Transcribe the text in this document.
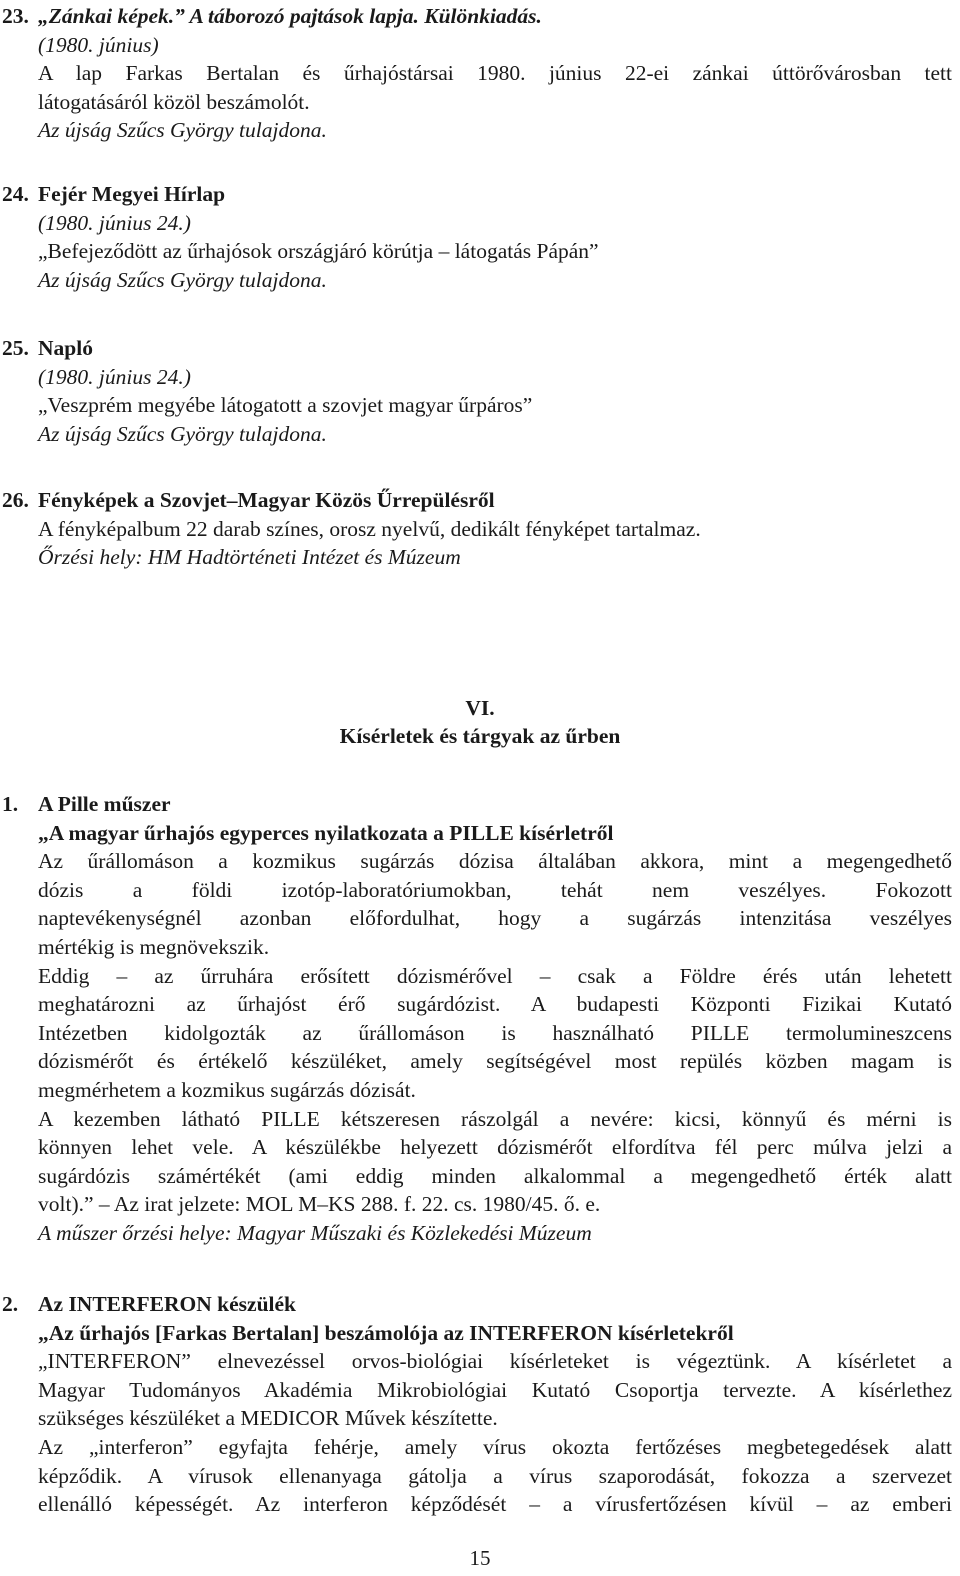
23. „Zánkai képek.” A táborozó pajtások lapja. Különkiadás.
(1980. június)
A lap Farkas Bertalan és űrhajóstársai 1980. június 22-ei zánkai úttörővárosban tett
látogatásáról közöl beszámolót.
Az újság Szűcs György tulajdona.
24. Fejér Megyei Hírlap
(1980. június 24.)
„Befejeződött az űrhajósok országjáró körútja – látogatás Pápán”
Az újság Szűcs György tulajdona.
25. Napló
(1980. június 24.)
„Veszprém megyébe látogatott a szovjet magyar űrpáros”
Az újság Szűcs György tulajdona.
26. Fényképek a Szovjet–Magyar Közös Űrrepülésről
A fényképalbum 22 darab színes, orosz nyelvű, dedikált fényképet tartalmaz.
Őrzési hely: HM Hadtörténeti Intézet és Múzeum
VI.
Kísérletek és tárgyak az űrben
1. A Pille műszer
„A magyar űrhajós egyperces nyilatkozata a PILLE kísérletről
Az űrállomáson a kozmikus sugárzás dózisa általában akkora, mint a megengedhető
dózis a földi izotóp-laboratóriumokban, tehát nem veszélyes. Fokozott
naptevékenységnél azonban előfordulhat, hogy a sugárzás intenzitása veszélyes
mértékig is megnövekszik.
Eddig – az űrruhára erősített dózismérővel – csak a Földre érés után lehetett
meghatározni az űrhajóst érő sugárdózist. A budapesti Központi Fizikai Kutató
Intézetben kidolgozták az űrállomáson is használható PILLE termolumineszcens
dózismérőt és értékelő készüléket, amely segítségével most repülés közben magam is
megmérhetem a kozmikus sugárzás dózisát.
A kezemben látható PILLE kétszeresen rászolgál a nevére: kicsi, könnyű és mérni is
könnyen lehet vele. A készülékbe helyezett dózismérőt elfordítva fél perc múlva jelzi a
sugárdózis számértékét (ami eddig minden alkalommal a megengedhető érték alatt
volt).” – Az irat jelzete: MOL M–KS 288. f. 22. cs. 1980/45. ő. e.
A műszer őrzési helye: Magyar Műszaki és Közlekedési Múzeum
2. Az INTERFERON készülék
„Az űrhajós [Farkas Bertalan] beszámolója az INTERFERON kísérletekről
„INTERFERON” elnevezéssel orvos-biológiai kísérleteket is végeztünk. A kísérletet a
Magyar Tudományos Akadémia Mikrobiológiai Kutató Csoportja tervezte. A kísérlethez
szükséges készüléket a MEDICOR Művek készítette.
Az „interferon” egyfajta fehérje, amely vírus okozta fertőzéses megbetegedések alatt
képződik. A vírusok ellenanyaga gátolja a vírus szaporodását, fokozza a szervezet
ellenálló képességét. Az interferon képződését – a vírusfertőzésen kívül – az emberi
15
